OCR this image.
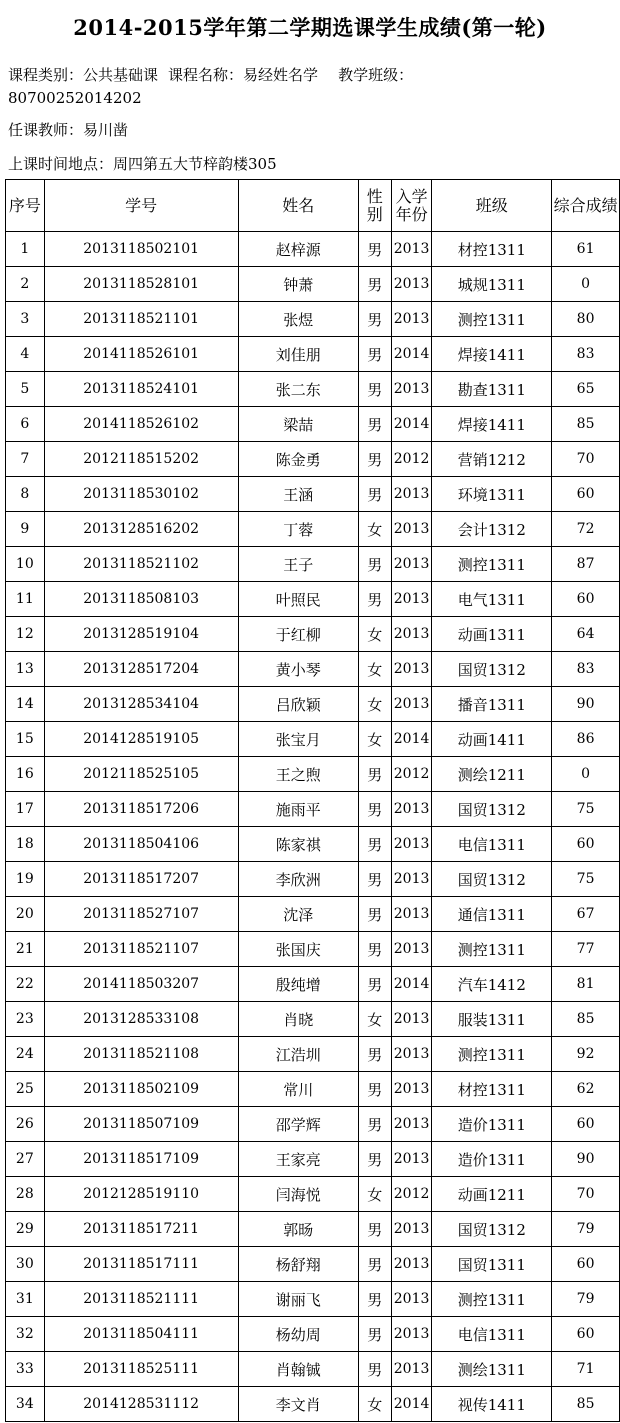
2014-2015学年第二学期选课学生成绩(第一轮)
课程类别：公共基础课 课程名称：易经姓名学 教学班级：
80700252014202
任课教师：易川凿
上课时间地点：周四第五大节梓韵楼305
序号	学号	姓名	性别	入学年份	班级	综合成绩
1	2013118502101	赵梓源	男	2013	材控1311	61
2	2013118528101	钟萧	男	2013	城规1311	0
3	2013118521101	张煜	男	2013	测控1311	80
4	2014118526101	刘佳朋	男	2014	焊接1411	83
5	2013118524101	张二东	男	2013	勘查1311	65
6	2014118526102	梁喆	男	2014	焊接1411	85
7	2012118515202	陈金勇	男	2012	营销1212	70
8	2013118530102	王涵	男	2013	环境1311	60
9	2013128516202	丁蓉	女	2013	会计1312	72
10	2013118521102	王子	男	2013	测控1311	87
11	2013118508103	叶照民	男	2013	电气1311	60
12	2013128519104	于红柳	女	2013	动画1311	64
13	2013128517204	黄小琴	女	2013	国贸1312	83
14	2013128534104	吕欣颖	女	2013	播音1311	90
15	2014128519105	张宝月	女	2014	动画1411	86
16	2012118525105	王之煦	男	2012	测绘1211	0
17	2013118517206	施雨平	男	2013	国贸1312	75
18	2013118504106	陈家祺	男	2013	电信1311	60
19	2013118517207	李欣洲	男	2013	国贸1312	75
20	2013118527107	沈泽	男	2013	通信1311	67
21	2013118521107	张国庆	男	2013	测控1311	77
22	2014118503207	殷纯增	男	2014	汽车1412	81
23	2013128533108	肖晓	女	2013	服装1311	85
24	2013118521108	江浩圳	男	2013	测控1311	92
25	2013118502109	常川	男	2013	材控1311	62
26	2013118507109	邵学辉	男	2013	造价1311	60
27	2013118517109	王家亮	男	2013	造价1311	90
28	2012128519110	闫海悦	女	2012	动画1211	70
29	2013118517211	郭旸	男	2013	国贸1312	79
30	2013118517111	杨舒翔	男	2013	国贸1311	60
31	2013118521111	谢丽飞	男	2013	测控1311	79
32	2013118504111	杨幼周	男	2013	电信1311	60
33	2013118525111	肖翰铖	男	2013	测绘1311	71
34	2014128531112	李文肖	女	2014	视传1411	85
